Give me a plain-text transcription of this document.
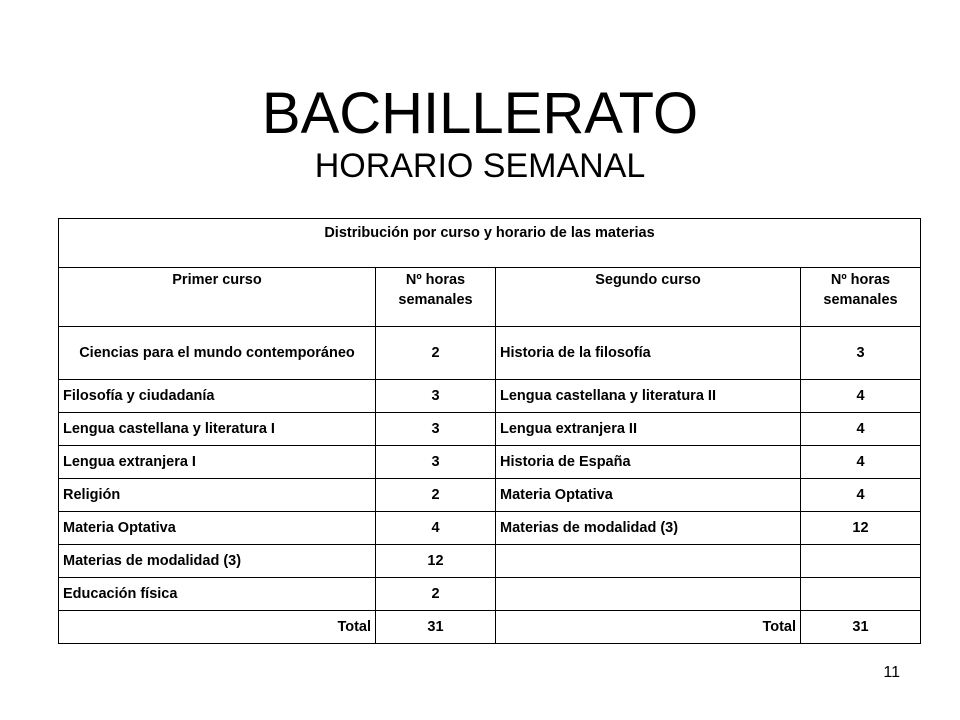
BACHILLERATO
HORARIO SEMANAL
Distribución por curso y horario de las materias			
Primer curso	Nº horas semanales	Segundo curso	Nº horas semanales
Ciencias para el mundo contemporáneo	2	Historia de la filosofía	3
Filosofía y ciudadanía	3	Lengua castellana y literatura II	4
Lengua castellana y literatura I	3	Lengua extranjera II	4
Lengua extranjera I	3	Historia de España	4
Religión	2	Materia Optativa	4
Materia Optativa	4	Materias de modalidad (3)	12
Materias de modalidad (3)	12		
Educación física	2		
Total	31	Total	31
11
